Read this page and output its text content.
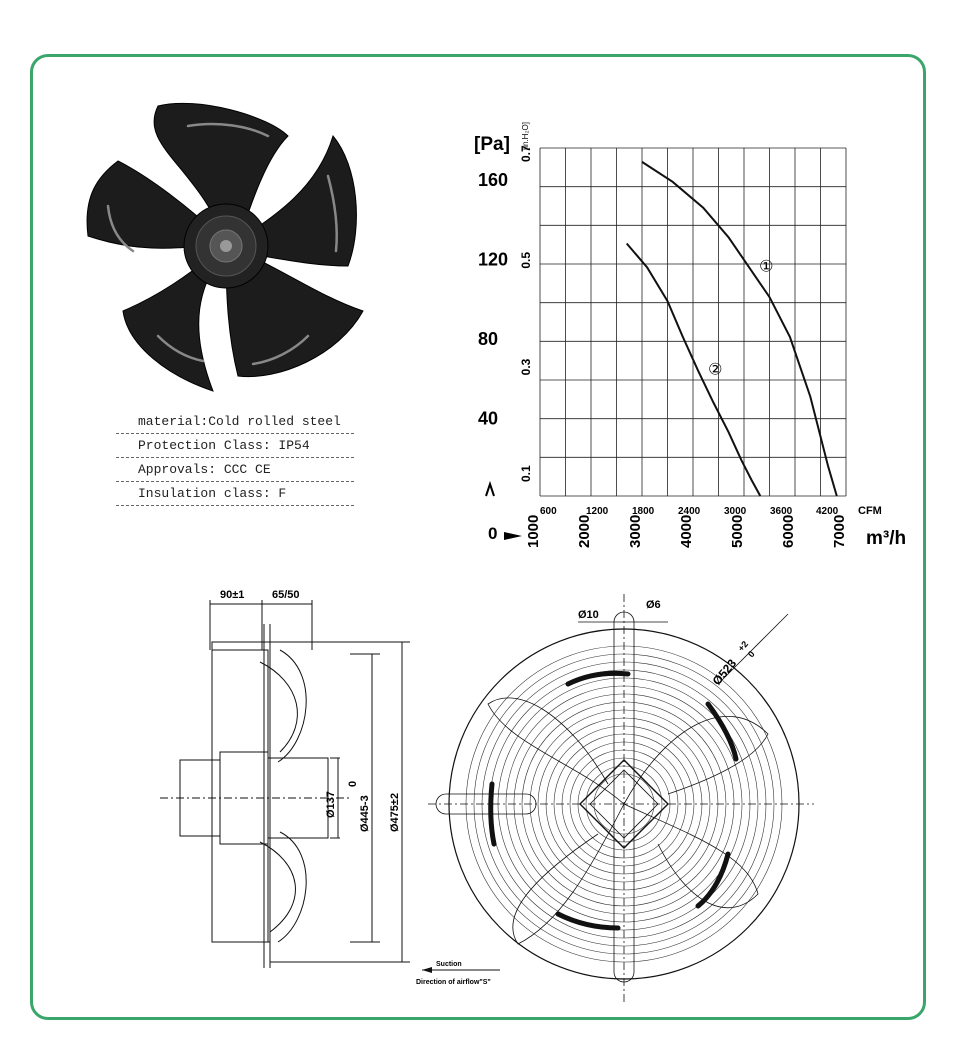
material:Cold rolled steel
Protection Class: IP54
Approvals: CCC CE
Insulation class: F
160
120
80
40
0.7
0.5
0.3
0.1
600	1200 1800 2400 3000 3600 4200
1000 2000 3000 4000 5000 6000 7000
①
②
[Pa] [in.H₂O]
0
CFM
m³/h
90±1	65/50
Ø137
0
Ø445-3 Ø475±2
Suction
Direction of airflow"S"
Ø10
Ø6
Ø523
+2
0
